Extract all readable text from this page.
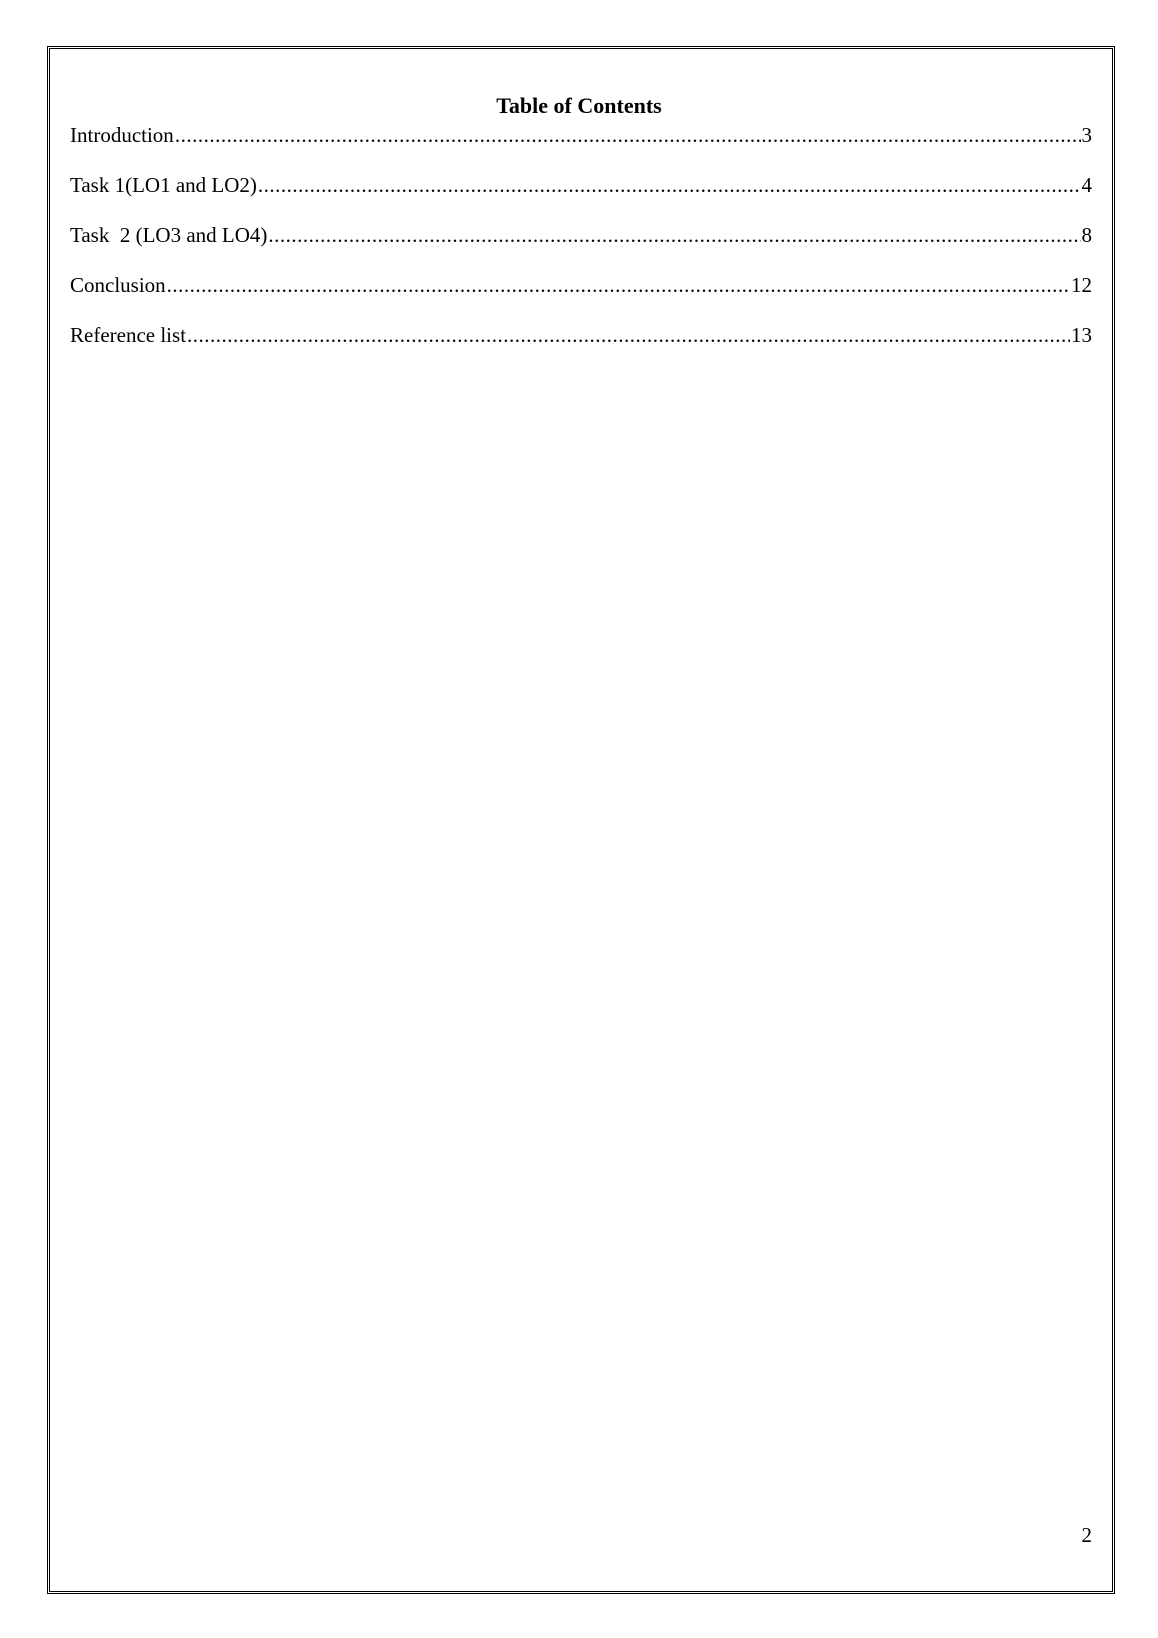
Table of Contents
Introduction .....	3
Task 1(LO1 and LO2) .....	4
Task  2 (LO3 and LO4) .....	8
Conclusion .....	12
Reference list .....	13
2
